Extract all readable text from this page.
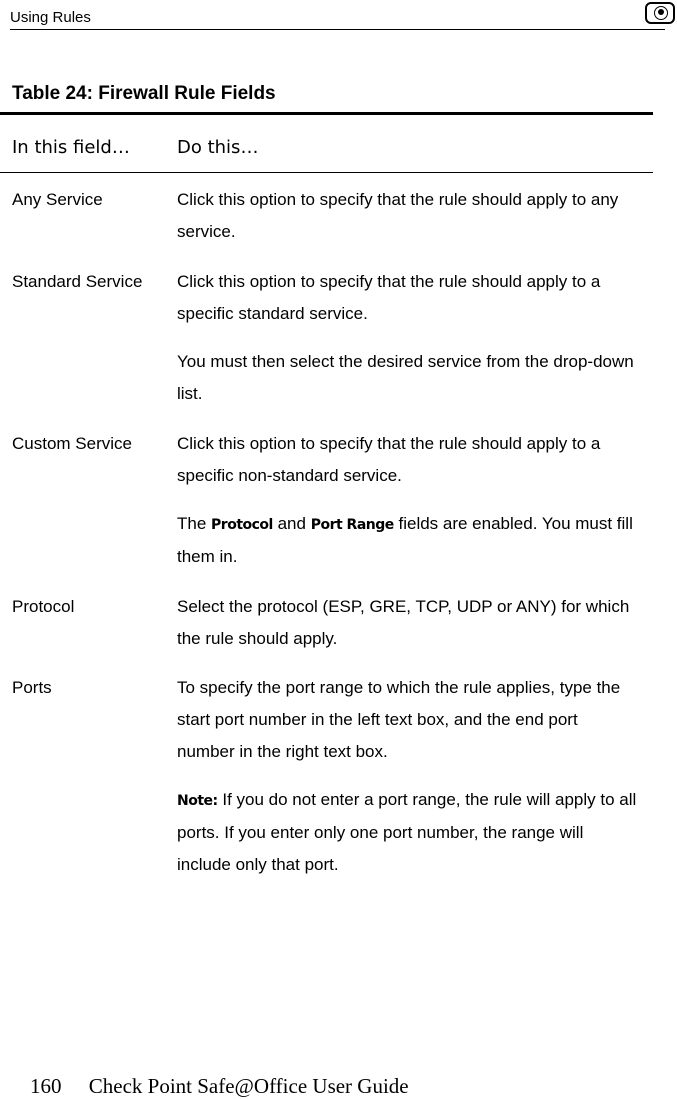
Using Rules
Table 24: Firewall Rule Fields
In this field…	Do this…
Any Service	Click this option to specify that the rule should apply to any service.

Standard Service	Click this option to specify that the rule should apply to a specific standard service.

You must then select the desired service from the drop-down list.

Custom Service	Click this option to specify that the rule should apply to a specific non-standard service.

The Protocol and Port Range fields are enabled. You must fill them in.

Protocol	Select the protocol (ESP, GRE, TCP, UDP or ANY) for which the rule should apply.

Ports	To specify the port range to which the rule applies, type the start port number in the left text box, and the end port number in the right text box.

Note: If you do not enter a port range, the rule will apply to all ports. If you enter only one port number, the range will include only that port.

160 Check Point Safe@Office User Guide
